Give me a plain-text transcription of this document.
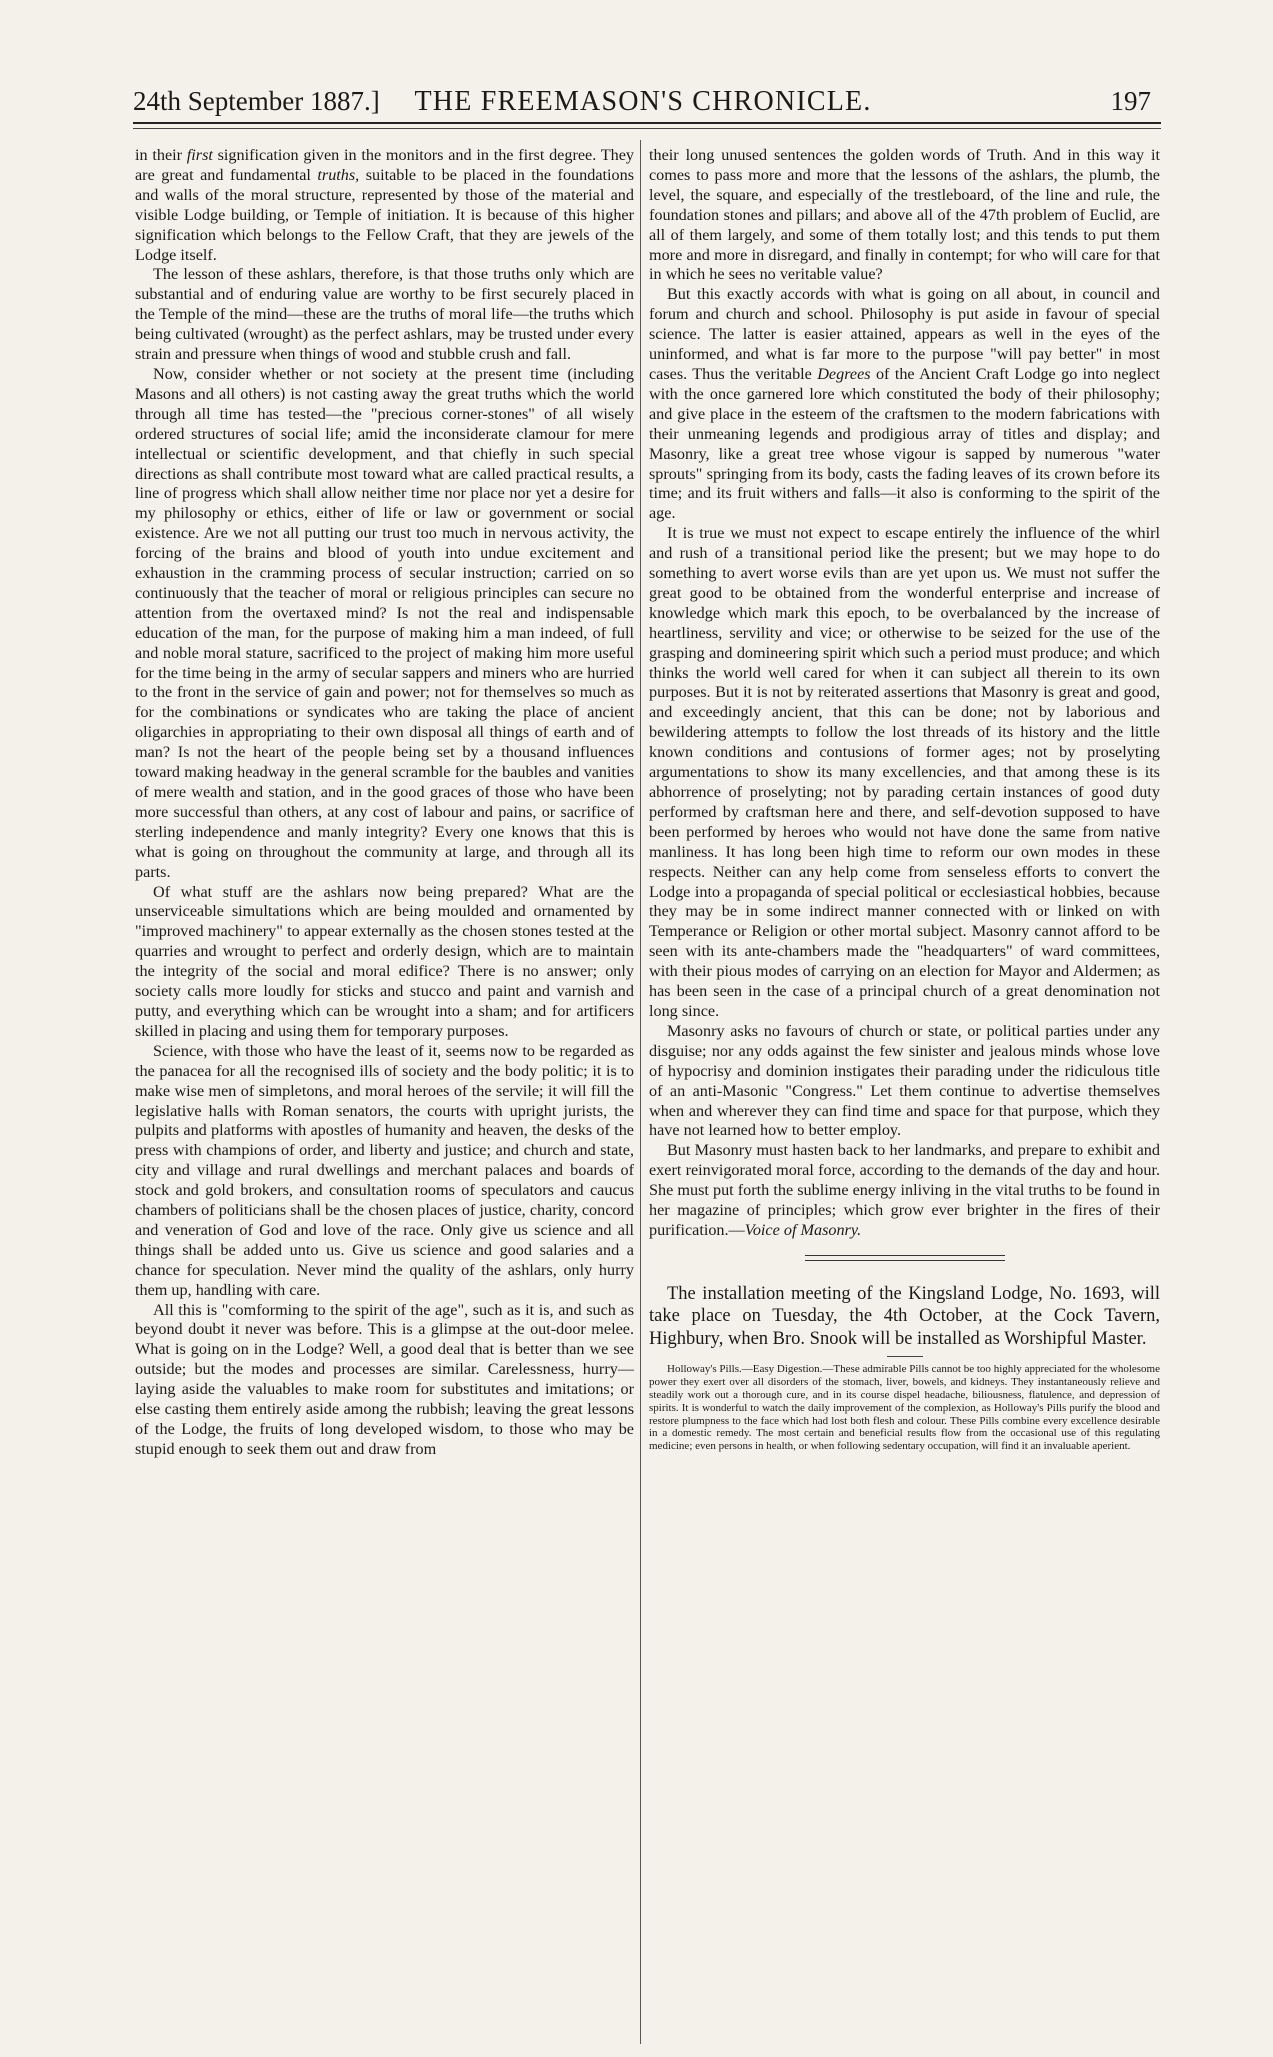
24th September 1887.]	THE FREEMASON'S CHRONICLE.	197

in their first signification given in the monitors and in the first degree. They are great and fundamental truths, suitable to be placed in the foundations and walls of the moral structure, represented by those of the material and visible Lodge building, or Temple of initiation. It is because of this higher signification which belongs to the Fellow Craft, that they are jewels of the Lodge itself.

The lesson of these ashlars, therefore, is that those truths only which are substantial and of enduring value are worthy to be first securely placed in the Temple of the mind—these are the truths of moral life—the truths which being cultivated (wrought) as the perfect ashlars, may be trusted under every strain and pressure when things of wood and stubble crush and fall.

Now, consider whether or not society at the present time (including Masons and all others) is not casting away the great truths which the world through all time has tested—the "precious corner-stones" of all wisely ordered structures of social life; amid the inconsiderate clamour for mere intellectual or scientific development, and that chiefly in such special directions as shall contribute most toward what are called practical results, a line of progress which shall allow neither time nor place nor yet a desire for my philosophy or ethics, either of life or law or government or social existence. Are we not all putting our trust too much in nervous activity, the forcing of the brains and blood of youth into undue excitement and exhaustion in the cramming process of secular instruction; carried on so continuously that the teacher of moral or religious principles can secure no attention from the overtaxed mind? Is not the real and indispensable education of the man, for the purpose of making him a man indeed, of full and noble moral stature, sacrificed to the project of making him more useful for the time being in the army of secular sappers and miners who are hurried to the front in the service of gain and power; not for themselves so much as for the combinations or syndicates who are taking the place of ancient oligarchies in appropriating to their own disposal all things of earth and of man? Is not the heart of the people being set by a thousand influences toward making headway in the general scramble for the baubles and vanities of mere wealth and station, and in the good graces of those who have been more successful than others, at any cost of labour and pains, or sacrifice of sterling independence and manly integrity? Every one knows that this is what is going on throughout the community at large, and through all its parts.

Of what stuff are the ashlars now being prepared? What are the unserviceable simultations which are being moulded and ornamented by "improved machinery" to appear externally as the chosen stones tested at the quarries and wrought to perfect and orderly design, which are to maintain the integrity of the social and moral edifice? There is no answer; only society calls more loudly for sticks and stucco and paint and varnish and putty, and everything which can be wrought into a sham; and for artificers skilled in placing and using them for temporary purposes.

Science, with those who have the least of it, seems now to be regarded as the panacea for all the recognised ills of society and the body politic; it is to make wise men of simpletons, and moral heroes of the servile; it will fill the legislative halls with Roman senators, the courts with upright jurists, the pulpits and platforms with apostles of humanity and heaven, the desks of the press with champions of order, and liberty and justice; and church and state, city and village and rural dwellings and merchant palaces and boards of stock and gold brokers, and consultation rooms of speculators and caucus chambers of politicians shall be the chosen places of justice, charity, concord and veneration of God and love of the race. Only give us science and all things shall be added unto us. Give us science and good salaries and a chance for speculation. Never mind the quality of the ashlars, only hurry them up, handling with care.

All this is "comforming to the spirit of the age", such as it is, and such as beyond doubt it never was before. This is a glimpse at the out-door melee. What is going on in the Lodge? Well, a good deal that is better than we see outside; but the modes and processes are similar. Carelessness, hurry—laying aside the valuables to make room for substitutes and imitations; or else casting them entirely aside among the rubbish; leaving the great lessons of the Lodge, the fruits of long developed wisdom, to those who may be stupid enough to seek them out and draw from

their long unused sentences the golden words of Truth. And in this way it comes to pass more and more that the lessons of the ashlars, the plumb, the level, the square, and especially of the trestleboard, of the line and rule, the foundation stones and pillars; and above all of the 47th problem of Euclid, are all of them largely, and some of them totally lost; and this tends to put them more and more in disregard, and finally in contempt; for who will care for that in which he sees no veritable value?

But this exactly accords with what is going on all about, in council and forum and church and school. Philosophy is put aside in favour of special science. The latter is easier attained, appears as well in the eyes of the uninformed, and what is far more to the purpose "will pay better" in most cases. Thus the veritable Degrees of the Ancient Craft Lodge go into neglect with the once garnered lore which constituted the body of their philosophy; and give place in the esteem of the craftsmen to the modern fabrications with their unmeaning legends and prodigious array of titles and display; and Masonry, like a great tree whose vigour is sapped by numerous "water sprouts" springing from its body, casts the fading leaves of its crown before its time; and its fruit withers and falls—it also is conforming to the spirit of the age.

It is true we must not expect to escape entirely the influence of the whirl and rush of a transitional period like the present; but we may hope to do something to avert worse evils than are yet upon us. We must not suffer the great good to be obtained from the wonderful enterprise and increase of knowledge which mark this epoch, to be overbalanced by the increase of heartliness, servility and vice; or otherwise to be seized for the use of the grasping and domineering spirit which such a period must produce; and which thinks the world well cared for when it can subject all therein to its own purposes. But it is not by reiterated assertions that Masonry is great and good, and exceedingly ancient, that this can be done; not by laborious and bewildering attempts to follow the lost threads of its history and the little known conditions and contusions of former ages; not by proselyting argumentations to show its many excellencies, and that among these is its abhorrence of proselyting; not by parading certain instances of good duty performed by craftsman here and there, and self-devotion supposed to have been performed by heroes who would not have done the same from native manliness. It has long been high time to reform our own modes in these respects. Neither can any help come from senseless efforts to convert the Lodge into a propaganda of special political or ecclesiastical hobbies, because they may be in some indirect manner connected with or linked on with Temperance or Religion or other mortal subject. Masonry cannot afford to be seen with its ante-chambers made the "headquarters" of ward committees, with their pious modes of carrying on an election for Mayor and Aldermen; as has been seen in the case of a principal church of a great denomination not long since.

Masonry asks no favours of church or state, or political parties under any disguise; nor any odds against the few sinister and jealous minds whose love of hypocrisy and dominion instigates their parading under the ridiculous title of an anti-Masonic "Congress." Let them continue to advertise themselves when and wherever they can find time and space for that purpose, which they have not learned how to better employ.

But Masonry must hasten back to her landmarks, and prepare to exhibit and exert reinvigorated moral force, according to the demands of the day and hour. She must put forth the sublime energy inliving in the vital truths to be found in her magazine of principles; which grow ever brighter in the fires of their purification.—Voice of Masonry.

The installation meeting of the Kingsland Lodge, No. 1693, will take place on Tuesday, the 4th October, at the Cock Tavern, Highbury, when Bro. Snook will be installed as Worshipful Master.

Holloway's Pills.—Easy Digestion.—These admirable Pills cannot be too highly appreciated for the wholesome power they exert over all disorders of the stomach, liver, bowels, and kidneys. They instantaneously relieve and steadily work out a thorough cure, and in its course dispel headache, biliousness, flatulence, and depression of spirits. It is wonderful to watch the daily improvement of the complexion, as Holloway's Pills purify the blood and restore plumpness to the face which had lost both flesh and colour. These Pills combine every excellence desirable in a domestic remedy. The most certain and beneficial results flow from the occasional use of this regulating medicine; even persons in health, or when following sedentary occupation, will find it an invaluable aperient.
